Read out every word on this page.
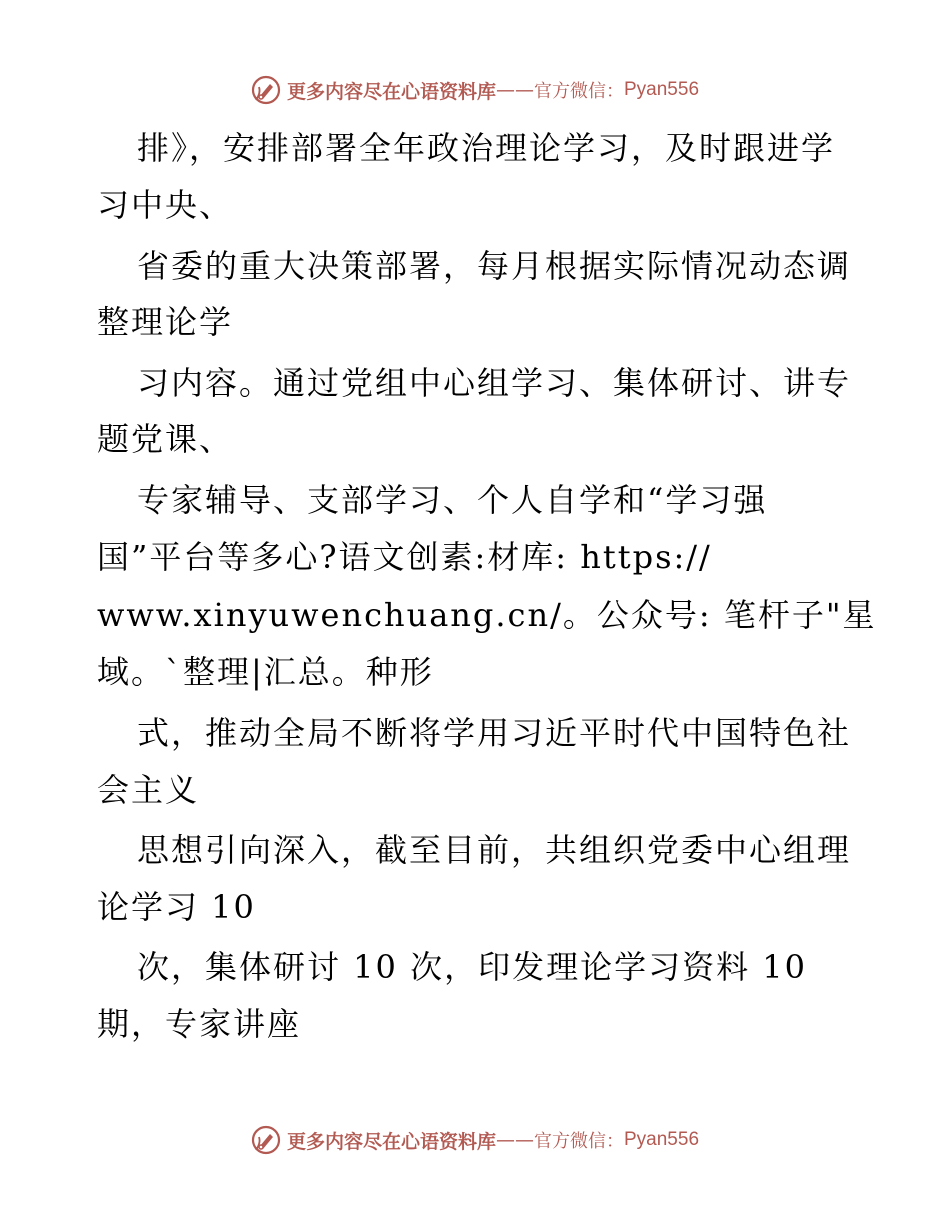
更多内容尽在心语资料库 —— 官方微信： Pyan556
排》，安排部署全年政治理论学习，及时跟进学
习中央、
省委的重大决策部署，每月根据实际情况动态调
整理论学
习内容。通过党组中心组学习、集体研讨、讲专
题党课、
专家辅导、支部学习、个人自学和“学习强
国”平台等多心?语文创素:材库: https://
www.xinyuwenchuang.cn/。公众号: 笔杆子"星
域。`整理|汇总。种形
式，推动全局不断将学用习近平时代中国特色社
会主义
思想引向深入，截至目前，共组织党委中心组理
论学习 10
次，集体研讨 10 次，印发理论学习资料 10
期，专家讲座
更多内容尽在心语资料库 —— 官方微信： Pyan556
